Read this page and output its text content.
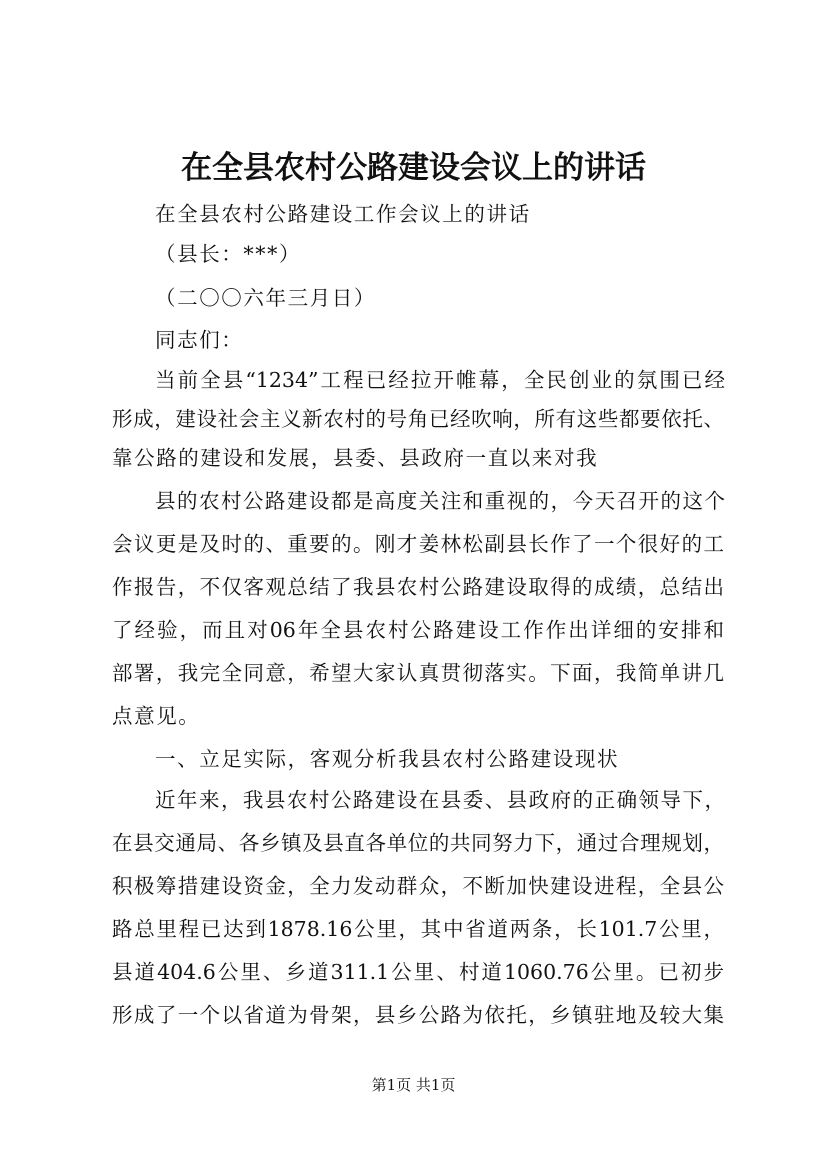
在全县农村公路建设会议上的讲话
在全县农村公路建设工作会议上的讲话
（县长：***）
（二〇〇六年三月日）
同志们：
当前全县“1234”工程已经拉开帷幕，全民创业的氛围已经
形成，建设社会主义新农村的号角已经吹响，所有这些都要依托、
靠公路的建设和发展，县委、县政府一直以来对我
县的农村公路建设都是高度关注和重视的，今天召开的这个
会议更是及时的、重要的。刚才姜林松副县长作了一个很好的工
作报告，不仅客观总结了我县农村公路建设取得的成绩，总结出
了经验，而且对06年全县农村公路建设工作作出详细的安排和
部署，我完全同意，希望大家认真贯彻落实。下面，我简单讲几
点意见。
一、立足实际，客观分析我县农村公路建设现状
近年来，我县农村公路建设在县委、县政府的正确领导下，
在县交通局、各乡镇及县直各单位的共同努力下，通过合理规划，
积极筹措建设资金，全力发动群众，不断加快建设进程，全县公
路总里程已达到1878.16公里，其中省道两条，长101.7公里，
县道404.6公里、乡道311.1公里、村道1060.76公里。已初步
形成了一个以省道为骨架，县乡公路为依托，乡镇驻地及较大集
第1页 共1页
